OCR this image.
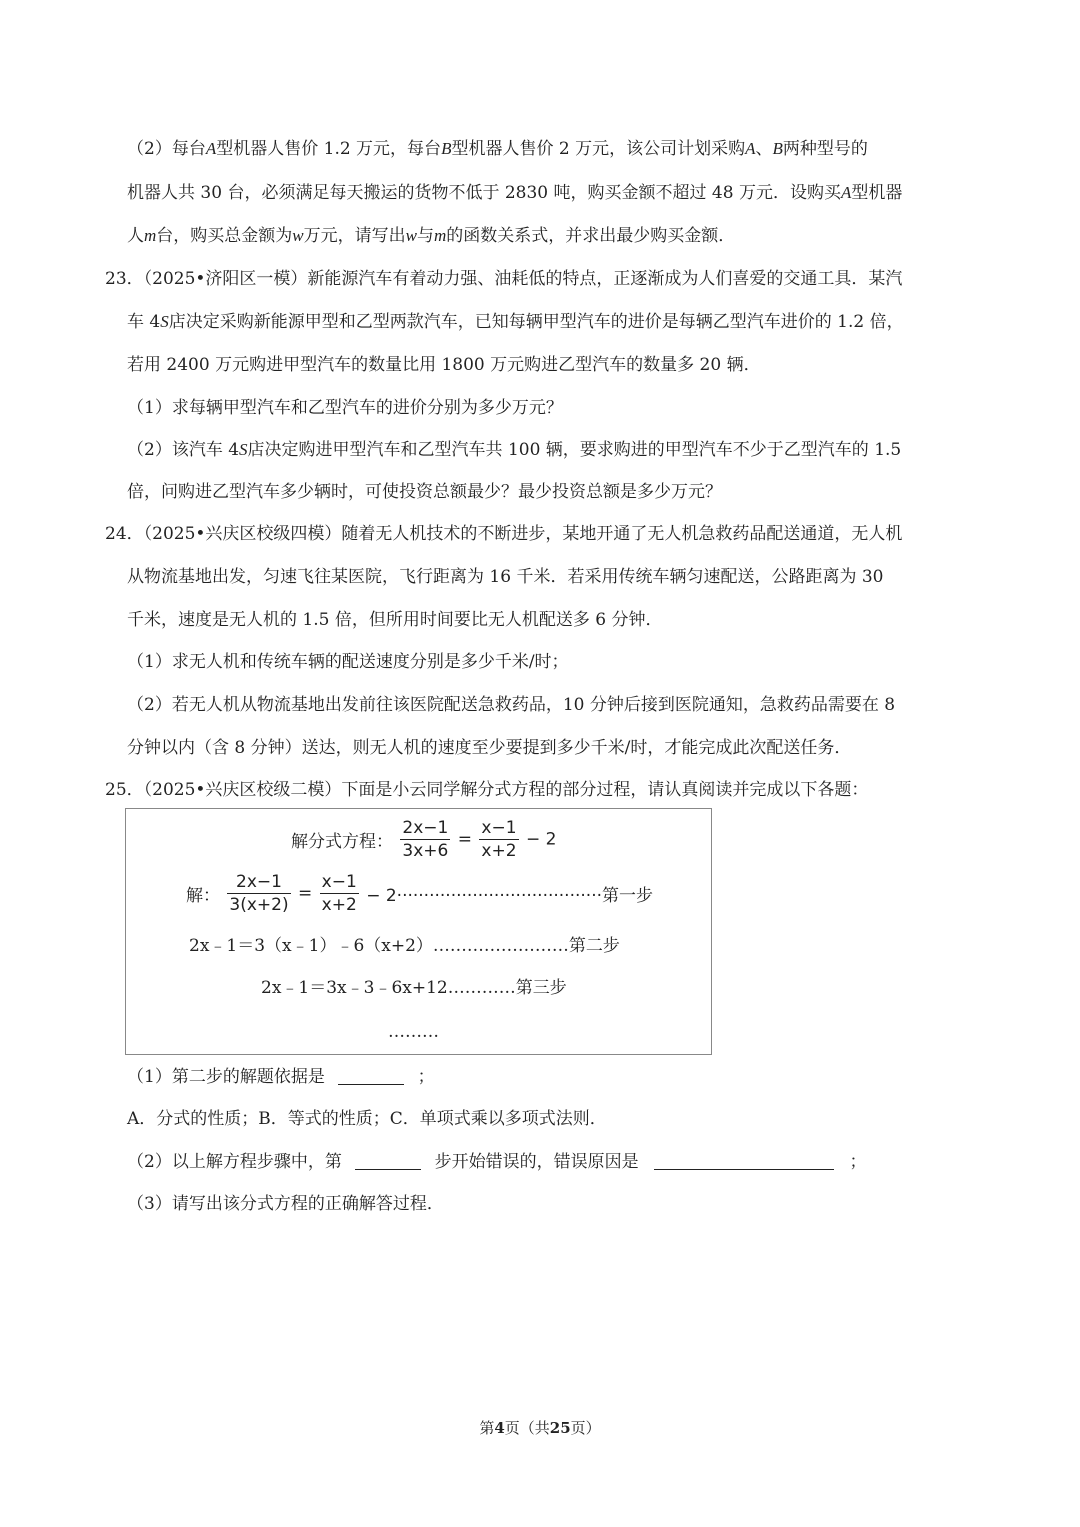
（2）每台A型机器人售价 1.2 万元，每台B型机器人售价 2 万元，该公司计划采购A、B两种型号的
机器人共 30 台，必须满足每天搬运的货物不低于 2830 吨，购买金额不超过 48 万元．设购买A型机器
人m台，购买总金额为w万元，请写出w与m的函数关系式，并求出最少购买金额．
23．（2025•济阳区一模）新能源汽车有着动力强、油耗低的特点，正逐渐成为人们喜爱的交通工具．某汽
车 4S店决定采购新能源甲型和乙型两款汽车，已知每辆甲型汽车的进价是每辆乙型汽车进价的 1.2 倍，
若用 2400 万元购进甲型汽车的数量比用 1800 万元购进乙型汽车的数量多 20 辆．
（1）求每辆甲型汽车和乙型汽车的进价分别为多少万元？
（2）该汽车 4S店决定购进甲型汽车和乙型汽车共 100 辆，要求购进的甲型汽车不少于乙型汽车的 1.5
倍，问购进乙型汽车多少辆时，可使投资总额最少？最少投资总额是多少万元？
24．（2025•兴庆区校级四模）随着无人机技术的不断进步，某地开通了无人机急救药品配送通道，无人机
从物流基地出发，匀速飞往某医院，飞行距离为 16 千米．若采用传统车辆匀速配送，公路距离为 30
千米，速度是无人机的 1.5 倍，但所用时间要比无人机配送多 6 分钟．
（1）求无人机和传统车辆的配送速度分别是多少千米/时；
（2）若无人机从物流基地出发前往该医院配送急救药品，10 分钟后接到医院通知，急救药品需要在 8
分钟以内（含 8 分钟）送达，则无人机的速度至少要提到多少千米/时，才能完成此次配送任务．
25．（2025•兴庆区校级二模）下面是小云同学解分式方程的部分过程，请认真阅读并完成以下各题：
解分式方程： $\frac{2x-1}{3x+6} = \frac{x-1}{x+2} - 2$
解： $\frac{2x-1}{3(x+2)} = \frac{x-1}{x+2} - 2\cdot\cdot\cdot\cdot\cdot\cdot\cdot\cdot\cdot\cdot\cdot\cdot\cdot\cdot\cdot\cdot\cdot\cdot\cdot\cdot\cdot\cdot\cdot\cdot\cdot\cdot\cdot\cdot\cdot\cdot\cdot\cdot\cdot\cdot\cdot\cdot\cdot\cdot$第一步
2x﹣1＝3（x﹣1）﹣6（x+2）……………………第二步
2x﹣1＝3x﹣3﹣6x+12…………第三步
………
（1）第二步的解题依据是	；
A．分式的性质；B．等式的性质；C．单项式乘以多项式法则．
（2）以上解方程步骤中，第	步开始错误的，错误原因是	；
（3）请写出该分式方程的正确解答过程．
第4页（共25页）
